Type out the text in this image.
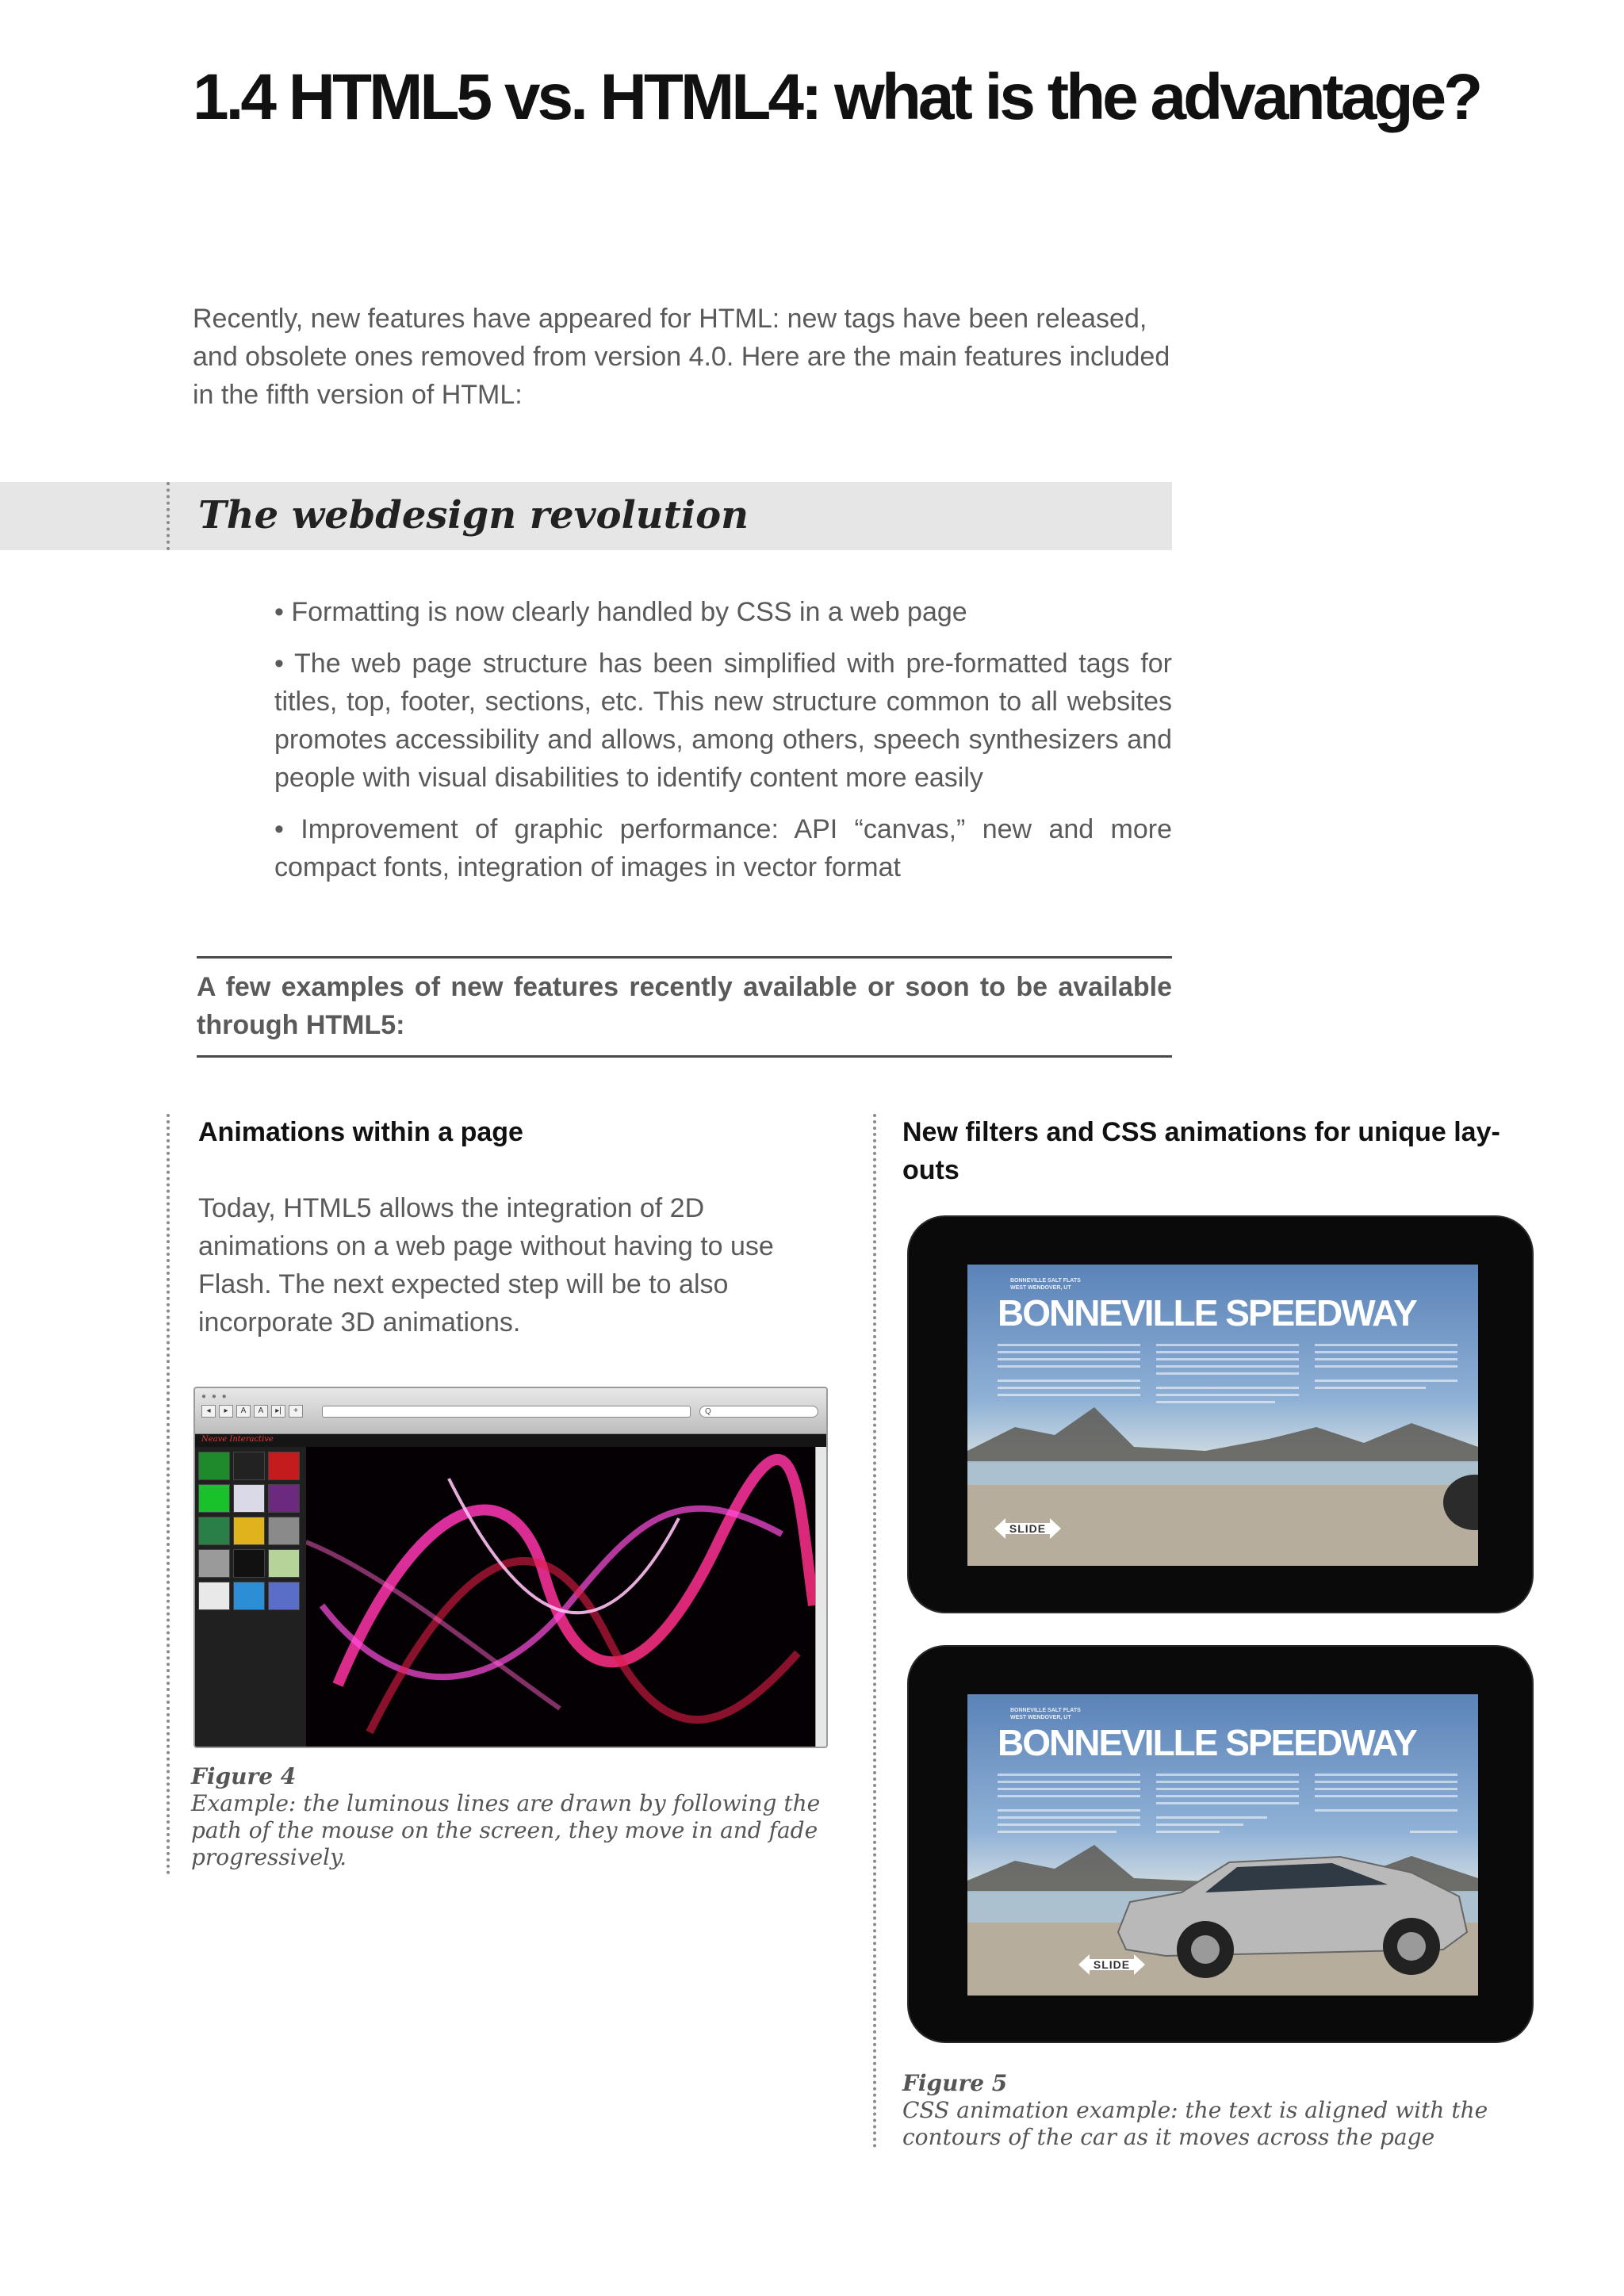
1.4 HTML5 vs. HTML4: what is the advantage?

Recently, new features have appeared for HTML: new tags have been released, and obsolete ones removed from version 4.0. Here are the main features included in the fifth version of HTML:

The webdesign revolution

• Formatting is now clearly handled by CSS in a web page

• The web page structure has been simplified with pre-formatted tags for titles, top, footer, sections, etc. This new structure common to all websites promotes accessibility and allows, among others, speech synthesizers and people with visual disabilities to identify content more easily

• Improvement of graphic performance: API “canvas,” new and more compact fonts, integration of images in vector format

A few examples of new features recently available or soon to be available through HTML5:
Animations within a page

Today, HTML5 allows the integration of 2D animations on a web page without having to use Flash. The next expected step will be to also incorporate 3D animations.

● ● ●
◂	▸	A	A	▸|	+	Q
Neave Interactive

Figure 4
Example: the luminous lines are drawn by following the path of the mouse on the screen, they move in and fade progressively.

New filters and CSS animations for unique lay-outs
BONNEVILLE SALT FLATS
WEST WENDOVER, UT
BONNEVILLE SPEEDWAY
SLIDE
BONNEVILLE SALT FLATS
WEST WENDOVER, UT
BONNEVILLE SPEEDWAY
SLIDE

Figure 5
CSS animation example: the text is aligned with the contours of the car as it moves across the page
